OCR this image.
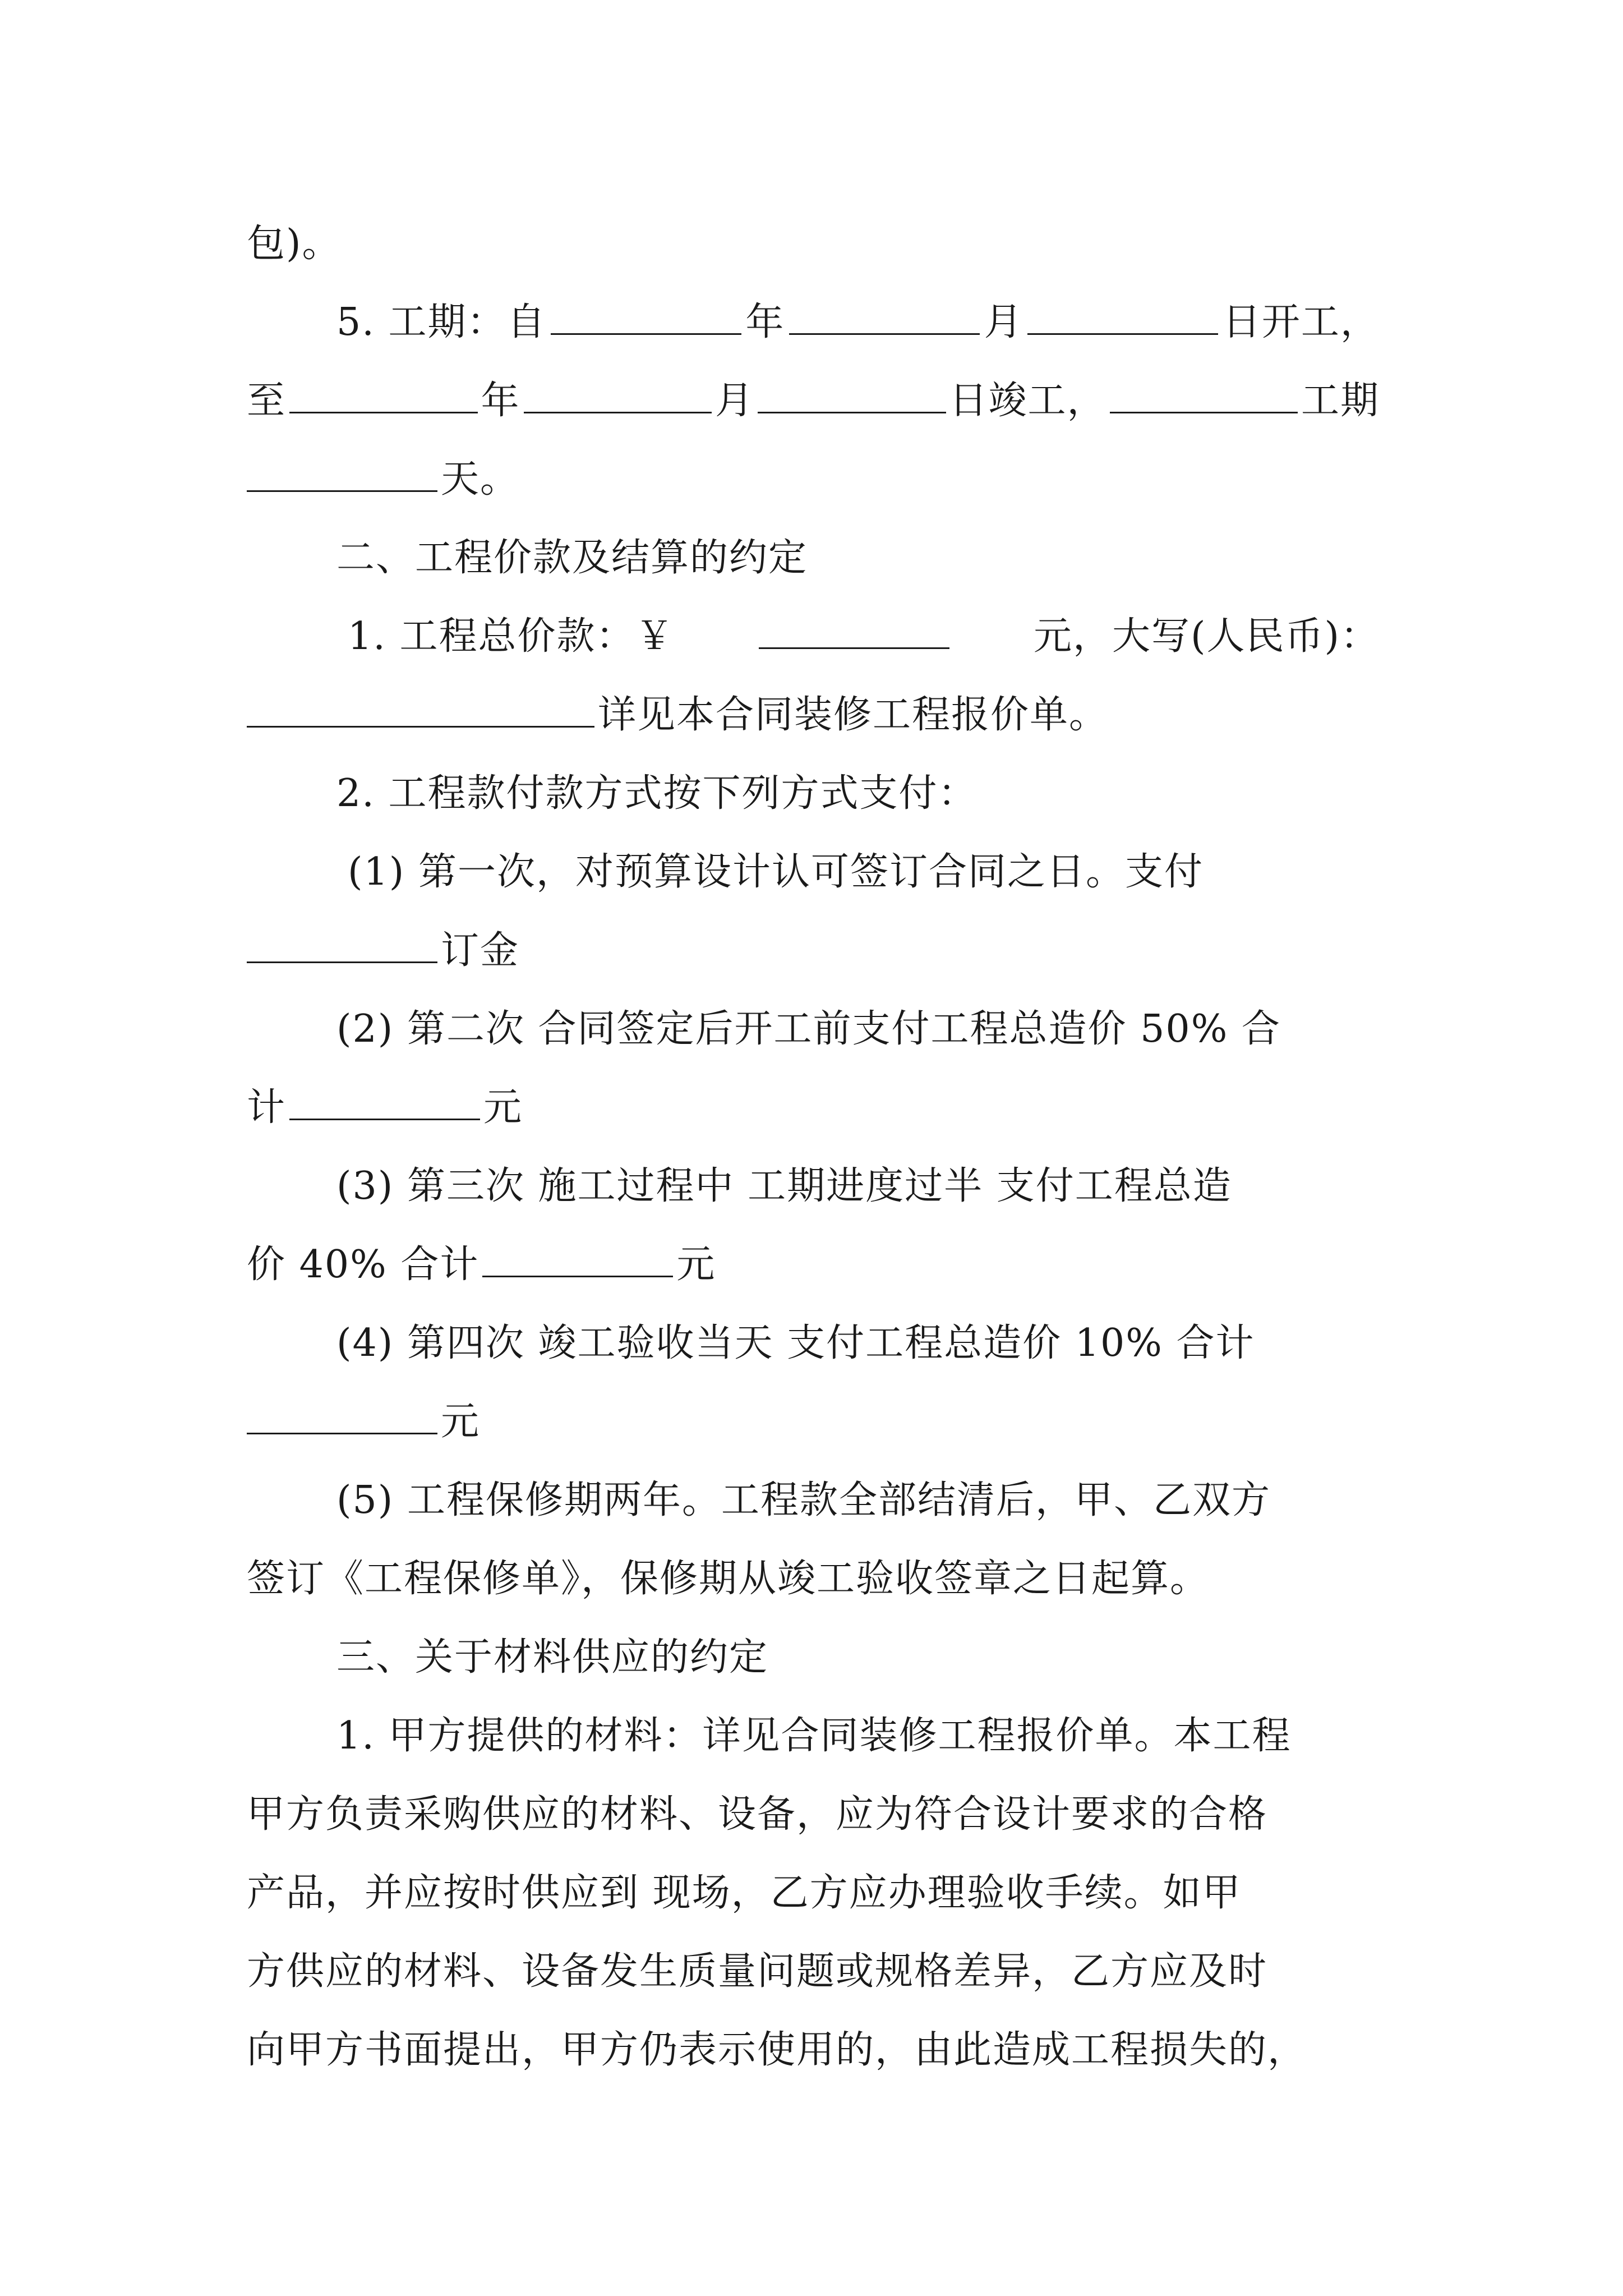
包)。
5. 工期： 自	年	月	日开工，
至	年	月	日竣工，	工期
天。
二、工程价款及结算的约定
1. 工程总价款：￥	元，大写(人民币)：
详见本合同装修工程报价单。
2. 工程款付款方式按下列方式支付：
(1) 第一次，对预算设计认可签订合同之日。支付
订金
(2) 第二次 合同签定后开工前支付工程总造价 50% 合
计	元
(3) 第三次 施工过程中 工期进度过半 支付工程总造
价 40% 合计	元
(4) 第四次 竣工验收当天 支付工程总造价 10% 合计
元
(5) 工程保修期两年。工程款全部结清后，甲、乙双方
签订《工程保修单》，保修期从竣工验收签章之日起算。
三、关于材料供应的约定
1. 甲方提供的材料：详见合同装修工程报价单。本工程
甲方负责采购供应的材料、设备，应为符合设计要求的合格
产品，并应按时供应到 现场，乙方应办理验收手续。如甲
方供应的材料、设备发生质量问题或规格差异，乙方应及时
向甲方书面提出，甲方仍表示使用的，由此造成工程损失的，
